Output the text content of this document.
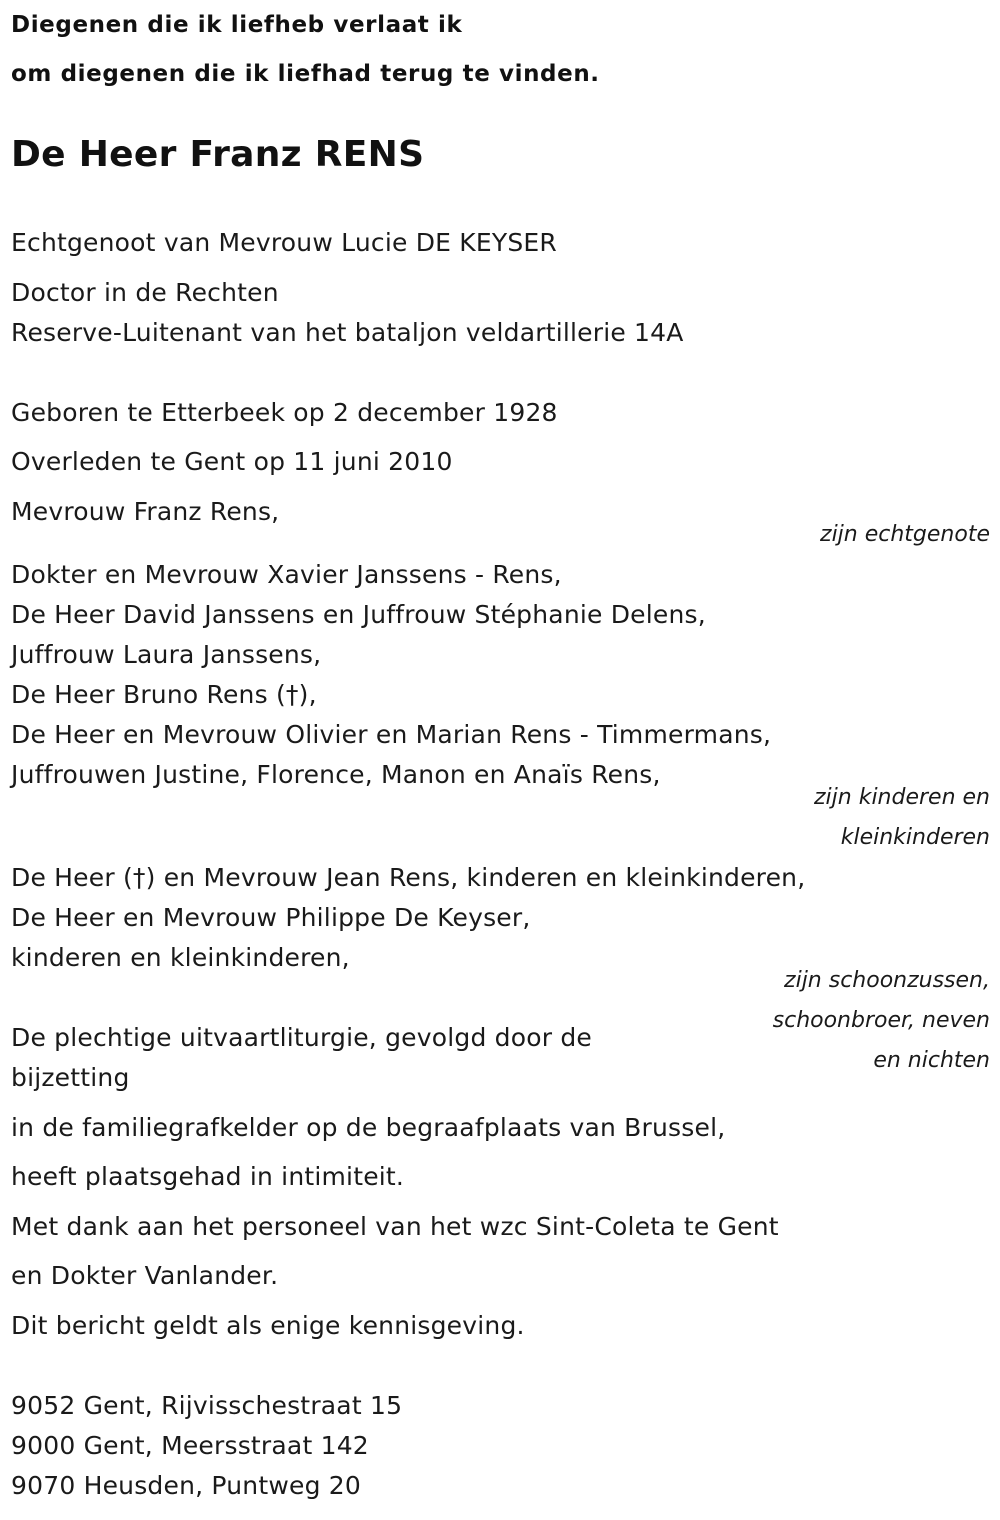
Diegenen die ik liefheb verlaat ik
om diegenen die ik liefhad terug te vinden.
De Heer Franz RENS
Echtgenoot van Mevrouw Lucie DE KEYSER
Doctor in de Rechten
Reserve-Luitenant van het bataljon veldartillerie 14A
Geboren te Etterbeek op 2 december 1928
Overleden te Gent op 11 juni 2010
Mevrouw Franz Rens,
zijn echtgenote
Dokter en Mevrouw Xavier Janssens - Rens,
De Heer David Janssens en Juffrouw Stéphanie Delens,
Juffrouw Laura Janssens,
De Heer Bruno Rens (†),
De Heer en Mevrouw Olivier en Marian Rens - Timmermans,
Juffrouwen Justine, Florence, Manon en Anaïs Rens,
zijn kinderen en
kleinkinderen
De Heer (†) en Mevrouw Jean Rens, kinderen en kleinkinderen,
De Heer en Mevrouw Philippe De Keyser,
kinderen en kleinkinderen,
zijn schoonzussen,
schoonbroer, neven
en nichten
De plechtige uitvaartliturgie, gevolgd door de
bijzetting
in de familiegrafkelder op de begraafplaats van Brussel,
heeft plaatsgehad in intimiteit.
Met dank aan het personeel van het wzc Sint-Coleta te Gent
en Dokter Vanlander.
Dit bericht geldt als enige kennisgeving.
9052 Gent, Rijvisschestraat 15
9000 Gent, Meersstraat 142
9070 Heusden, Puntweg 20
